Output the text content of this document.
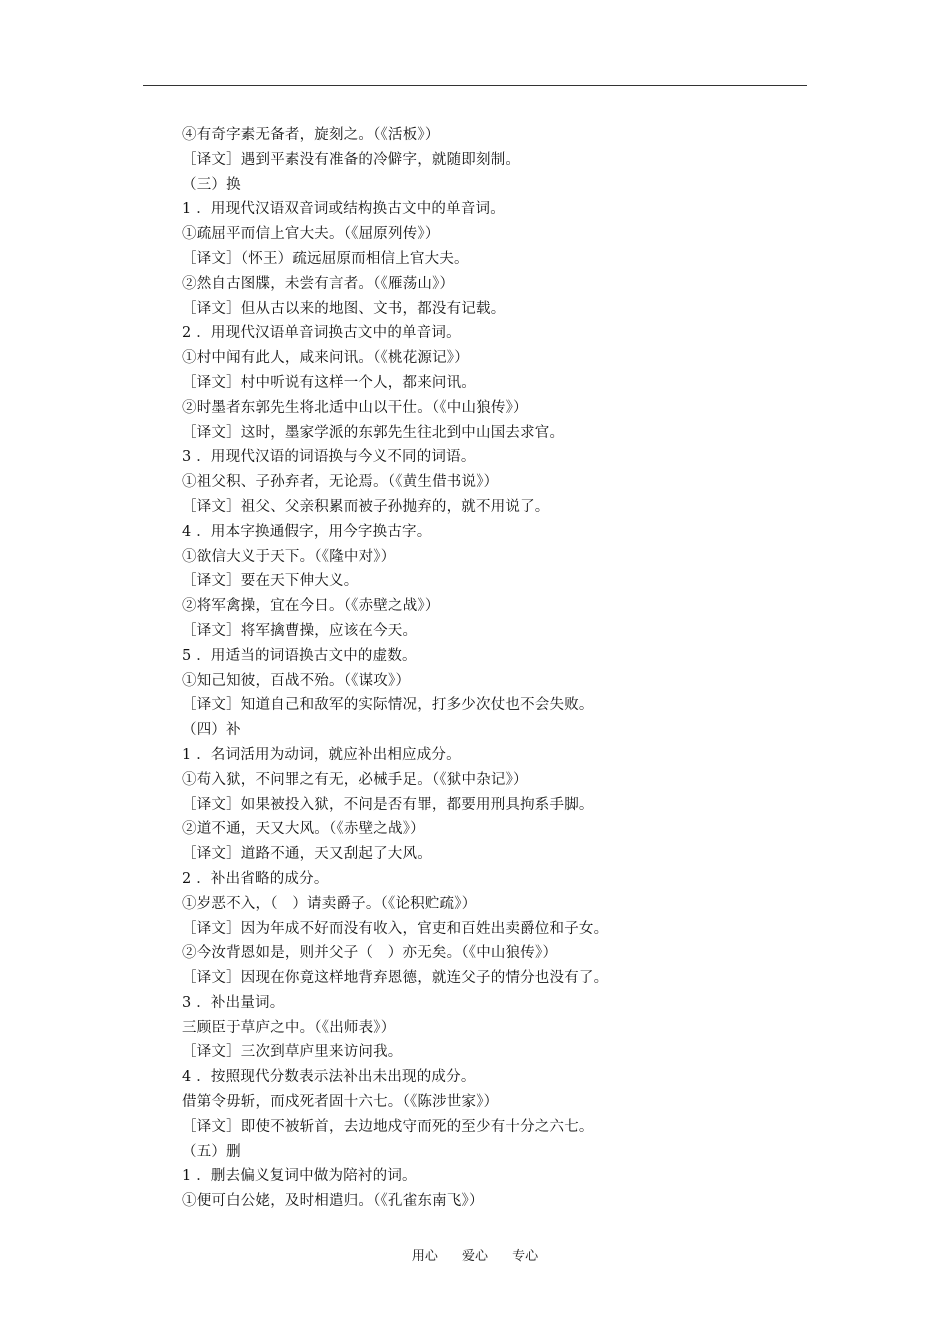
④有奇字素无备者，旋刻之。（《活板》）
［译文］遇到平素没有准备的冷僻字，就随即刻制。
（三）换
1 ．用现代汉语双音词或结构换古文中的单音词。
①疏屈平而信上官大夫。（《屈原列传》）
［译文］（怀王）疏远屈原而相信上官大夫。
②然自古图牒，未尝有言者。（《雁荡山》）
［译文］但从古以来的地图、文书，都没有记载。
2 ．用现代汉语单音词换古文中的单音词。
①村中闻有此人，咸来问讯。（《桃花源记》）
［译文］村中听说有这样一个人，都来问讯。
②时墨者东郭先生将北适中山以干仕。（《中山狼传》）
［译文］这时，墨家学派的东郭先生往北到中山国去求官。
3 ．用现代汉语的词语换与今义不同的词语。
①祖父积、子孙弃者，无论焉。（《黄生借书说》）
［译文］祖父、父亲积累而被子孙抛弃的，就不用说了。
4 ．用本字换通假字，用今字换古字。
①欲信大义于天下。（《隆中对》）
［译文］要在天下伸大义。
②将军禽操，宜在今日。（《赤壁之战》）
［译文］将军擒曹操，应该在今天。
5 ．用适当的词语换古文中的虚数。
①知己知彼，百战不殆。（《谋攻》）
［译文］知道自己和敌军的实际情况，打多少次仗也不会失败。
（四）补
1 ．名词活用为动词，就应补出相应成分。
①苟入狱，不问罪之有无，必械手足。（《狱中杂记》）
［译文］如果被投入狱，不问是否有罪，都要用刑具拘系手脚。
②道不通，天又大风。（《赤壁之战》）
［译文］道路不通，天又刮起了大风。
2 ．补出省略的成分。
①岁恶不入，（　）请卖爵子。（《论积贮疏》）
［译文］因为年成不好而没有收入，官吏和百姓出卖爵位和子女。
②今汝背恩如是，则并父子（　）亦无矣。（《中山狼传》）
［译文］因现在你竟这样地背弃恩德，就连父子的情分也没有了。
3 ．补出量词。
三顾臣于草庐之中。（《出师表》）
［译文］三次到草庐里来访问我。
4 ．按照现代分数表示法补出未出现的成分。
借第令毋斩，而戍死者固十六七。（《陈涉世家》）
［译文］即使不被斩首，去边地戍守而死的至少有十分之六七。
（五）删
1 ．删去偏义复词中做为陪衬的词。
①便可白公姥，及时相遣归。（《孔雀东南飞》）
用心 爱心 专心
